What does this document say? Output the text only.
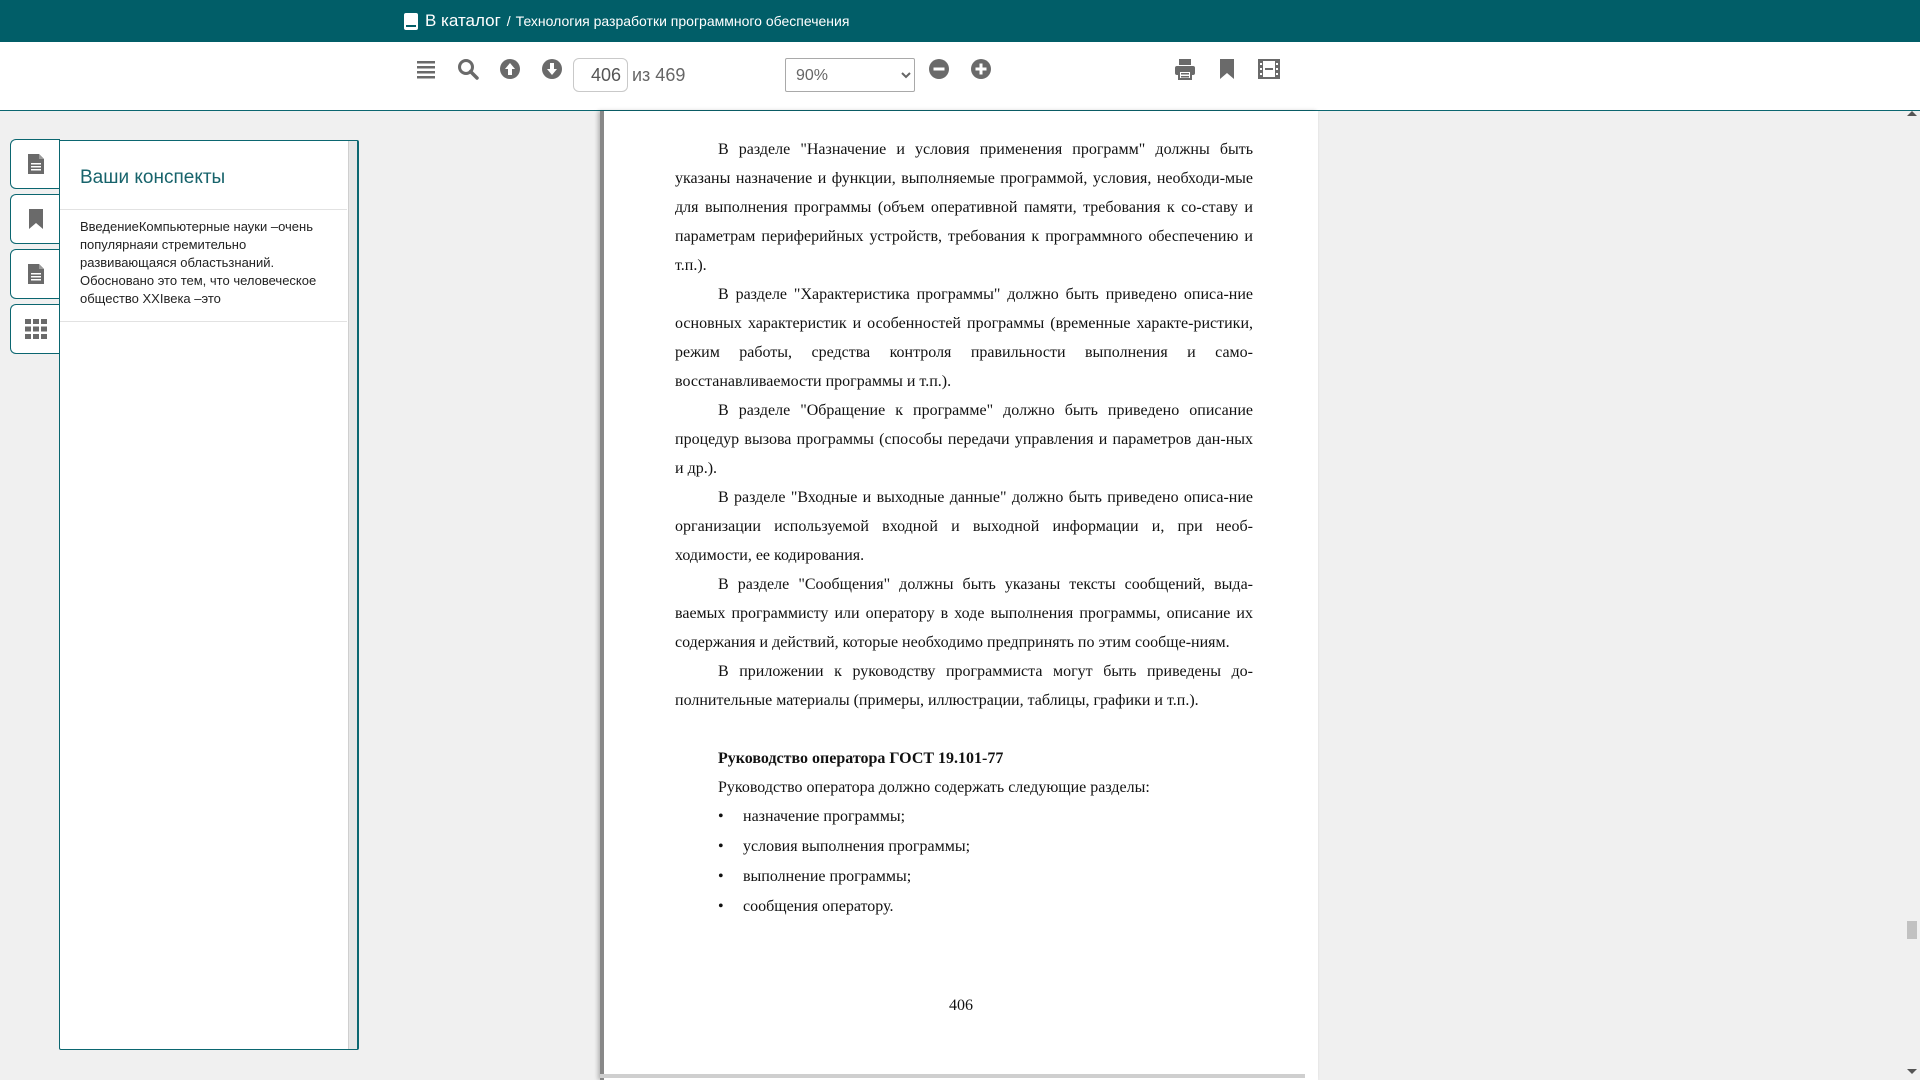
В каталог / Технология разработки программного обеспечения
406
из 469
90%
Ваши конспекты
ВведениеКомпьютерные науки –очень популярнаяи стремительно развивающаяся областьзнаний. Обосновано это тем, что человеческое общество XXIвека –это

В разделе "Назначение и условия применения программ" должны быть указаны назначение и функции, выполняемые программой, условия, необходи-мые для выполнения программы (объем оперативной памяти, требования к со-ставу и параметрам периферийных устройств, требования к программного обеспечению и т.п.).

В разделе "Характеристика программы" должно быть приведено описа-ние основных характеристик и особенностей программы (временные характе-ристики, режим работы, средства контроля правильности выполнения и само-восстанавливаемости программы и т.п.).

В разделе "Обращение к программе" должно быть приведено описание процедур вызова программы (способы передачи управления и параметров дан-ных и др.).

В разделе "Входные и выходные данные" должно быть приведено описа-ние организации используемой входной и выходной информации и, при необ-ходимости, ее кодирования.

В разделе "Сообщения" должны быть указаны тексты сообщений, выда-ваемых программисту или оператору в ходе выполнения программы, описание их содержания и действий, которые необходимо предпринять по этим сообще-ниям.

В приложении к руководству программиста могут быть приведены до-полнительные материалы (примеры, иллюстрации, таблицы, графики и т.п.).

Руководство оператора ГОСТ 19.101-77

Руководство оператора должно содержать следующие разделы:

• назначение программы;
• условия выполнения программы;
• выполнение программы;
• сообщения оператору.
406
